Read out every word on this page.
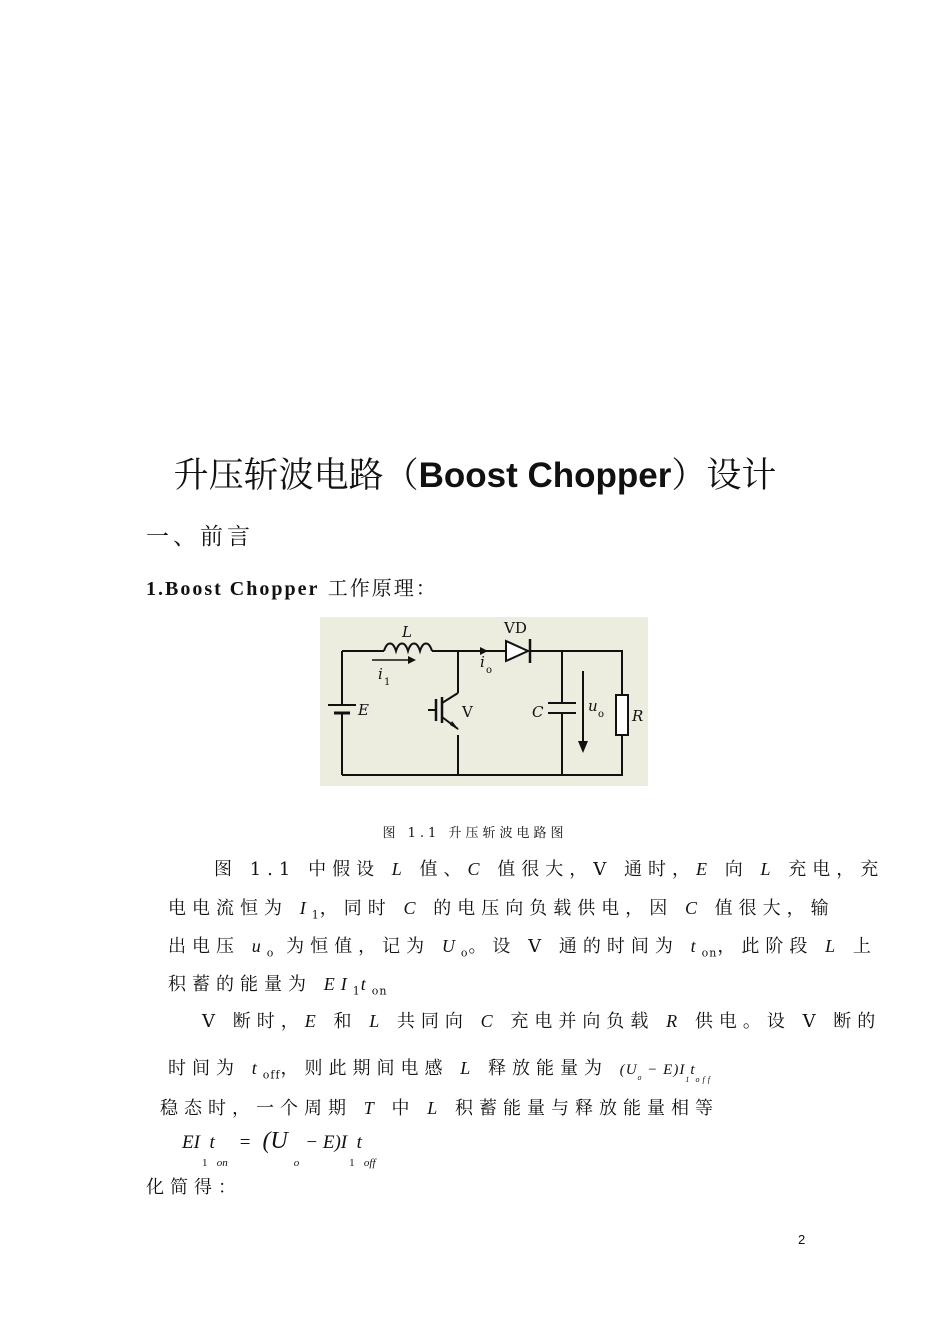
升压斩波电路（Boost Chopper）设计
一、前言
1.Boost Chopper 工作原理：
L	VD
i 1
i o
E	V	C	u o R
图 1.1 升压斩波电路图
图 1.1 中假设 L 值、C 值很大，V 通时，E 向 L 充电，充
电电流恒为 $I_1$，同时 C 的电压向负载供电，因 C 值很大，输
出电压 $u_o$ 为恒值，记为 $U_o$。设 V 通的时间为 $t_{on}$，此阶段 L 上
积蓄的能量为 $EI_1t_{on}$
V 断时，E 和 L 共同向 C 充电并向负载 R 供电。设 V 断的
时间为 $t_{off}$，则此期间电感 L 释放能量为 $(U_o - E)I_1t_{off}$
稳态时，一个周期 T 中 L 积蓄能量与释放能量相等
$EI_1t_{on}= (U_o- E)I_1t_{off}$
化简得：
2
